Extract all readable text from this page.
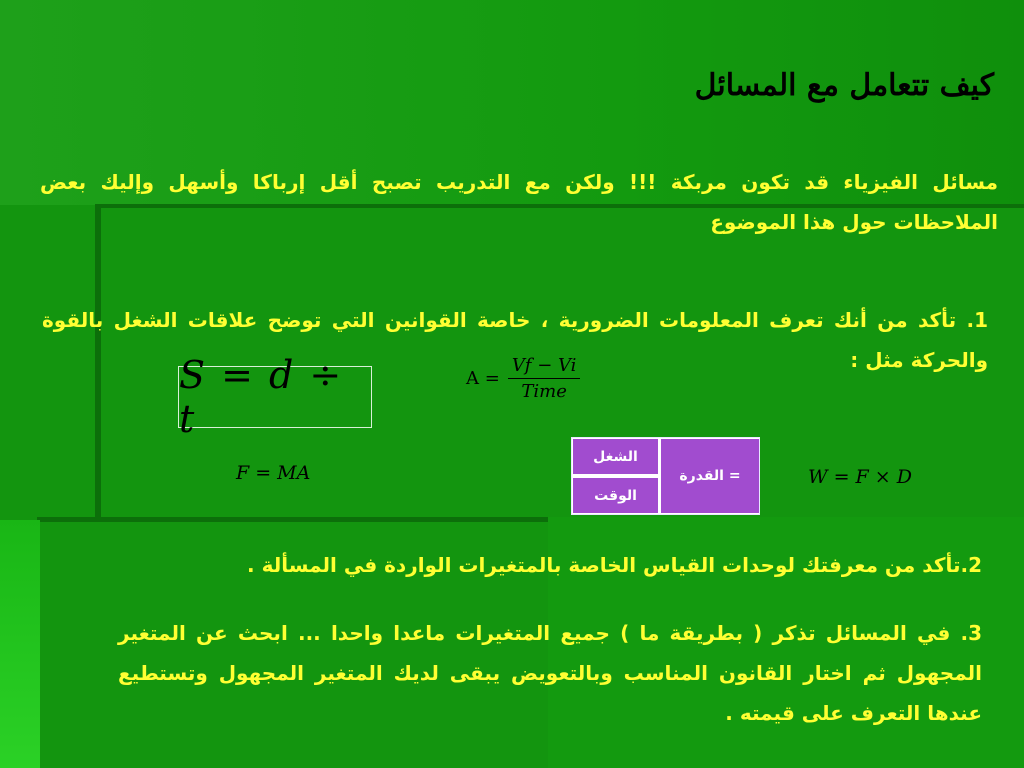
كيف تتعامل مع المسائل
مسائل الفيزياء قد تكون مربكة !!! ولكن مع التدريب تصبح أقل إرباكا وأسهل وإليك بعض الملاحظات حول هذا الموضوع
1. تأكد من أنك تعرف المعلومات الضرورية ، خاصة القوانين التي توضح علاقات الشغل بالقوة والحركة مثل :
S = d ÷ t
$A = \frac{Vf - Vi}{\text{Time}}$
F = MA
الشغل
الوقت
القدرة =	W = F × D
2.تأكد من معرفتك لوحدات القياس الخاصة بالمتغيرات الواردة في المسألة .
3. في المسائل تذكر ( بطريقة ما ) جميع المتغيرات ماعدا واحدا ... ابحث عن المتغير المجهول ثم اختار القانون المناسب وبالتعويض يبقى لديك المتغير المجهول وتستطيع عندها التعرف على قيمته .
